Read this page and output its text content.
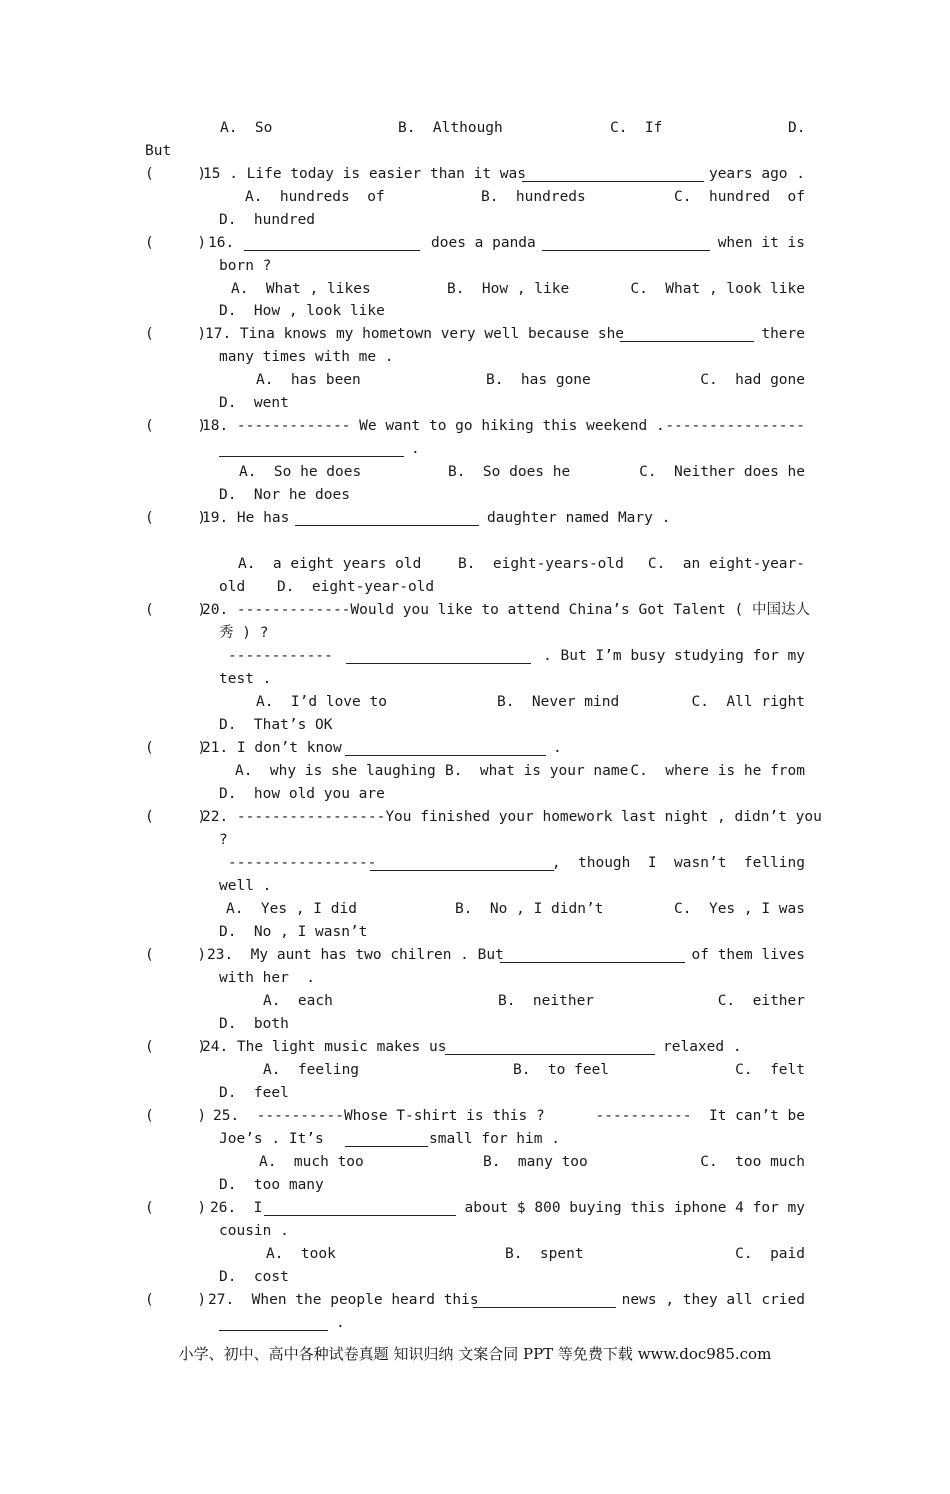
A.  So	B.  Although	C.  If	D.
But
(     )
15 . Life today is easier than it was	years ago .
A.  hundreds  of	B.  hundreds	C.  hundred  of
D.  hundred
(     ) 16.	does a panda	when it is
born ?
A.  What , likes	B.  How , like	C.  What , look like
D.  How , look like
(     )
17. Tina knows my hometown very well because she	there
many times with me .
A.  has been	B.  has gone	C.  had gone
D.  went
(     )
18. ------------- We want to go hiking this weekend . ----------------
.
A.  So he does	B.  So does he	C.  Neither does he
D.  Nor he does
(     )
19. He has	daughter named Mary .
A.  a eight years old	B.  eight-years-old C.  an eight-year-
old D.  eight-year-old
(     )
20. -------------Would you like to attend China’s Got Talent ( 中国达人
秀 ) ?
------------	. But I’m busy studying for my
test .
A.  I’d love to	B.  Never mind	C.  All right
D.  That’s OK
(     )
21. I don’t know	.
A.  why is she laughing B.  what is your name C.  where is he from
D.  how old you are
(     )
22. -----------------You finished your homework last night , didn’t you
?
-----------------	,  though  I  wasn’t  felling
well .
A.  Yes , I did	B.  No , I didn’t	C.  Yes , I was
D.  No , I wasn’t
(     ) 23.  My aunt has two chilren . But	of them lives
with her  .
A.  each	B.  neither	C.  either
D.  both
(     )
24. The light music makes us	relaxed .
A.  feeling	B.  to feel	C.  felt
D.  feel
(     ) 25.  ----------Whose T-shirt is this ?	-----------  It can’t be
Joe’s . It’s	small for him .
A.  much too	B.  many too	C.  too much
D.  too many
(     ) 26.  I	about $ 800 buying this iphone 4 for my
cousin .
A.  took	B.  spent	C.  paid
D.  cost
(     ) 27.  When the people heard this	news , they all cried
.
小学、初中、高中各种试卷真题 知识归纳 文案合同 PPT 等免费下载 www.doc985.com
